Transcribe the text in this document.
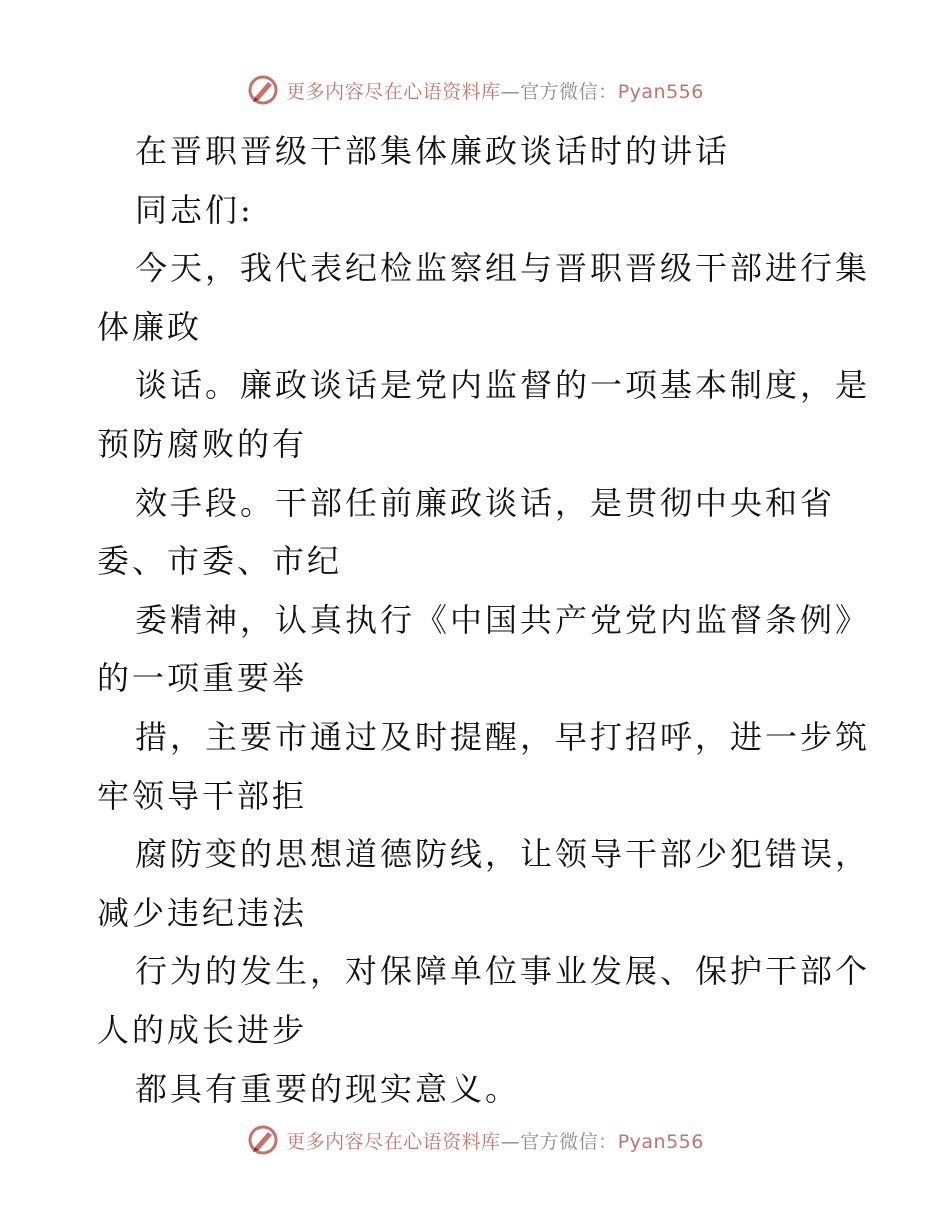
更多内容尽在心语资料库—官方微信：Pyan556
在晋职晋级干部集体廉政谈话时的讲话
同志们:
今天，我代表纪检监察组与晋职晋级干部进行集
体廉政
谈话。廉政谈话是党内监督的一项基本制度，是
预防腐败的有
效手段。干部任前廉政谈话，是贯彻中央和省
委、市委、市纪
委精神，认真执行《中国共产党党内监督条例》
的一项重要举
措，主要市通过及时提醒，早打招呼，进一步筑
牢领导干部拒
腐防变的思想道德防线，让领导干部少犯错误，
减少违纪违法
行为的发生，对保障单位事业发展、保护干部个
人的成长进步
都具有重要的现实意义。
更多内容尽在心语资料库—官方微信：Pyan556
